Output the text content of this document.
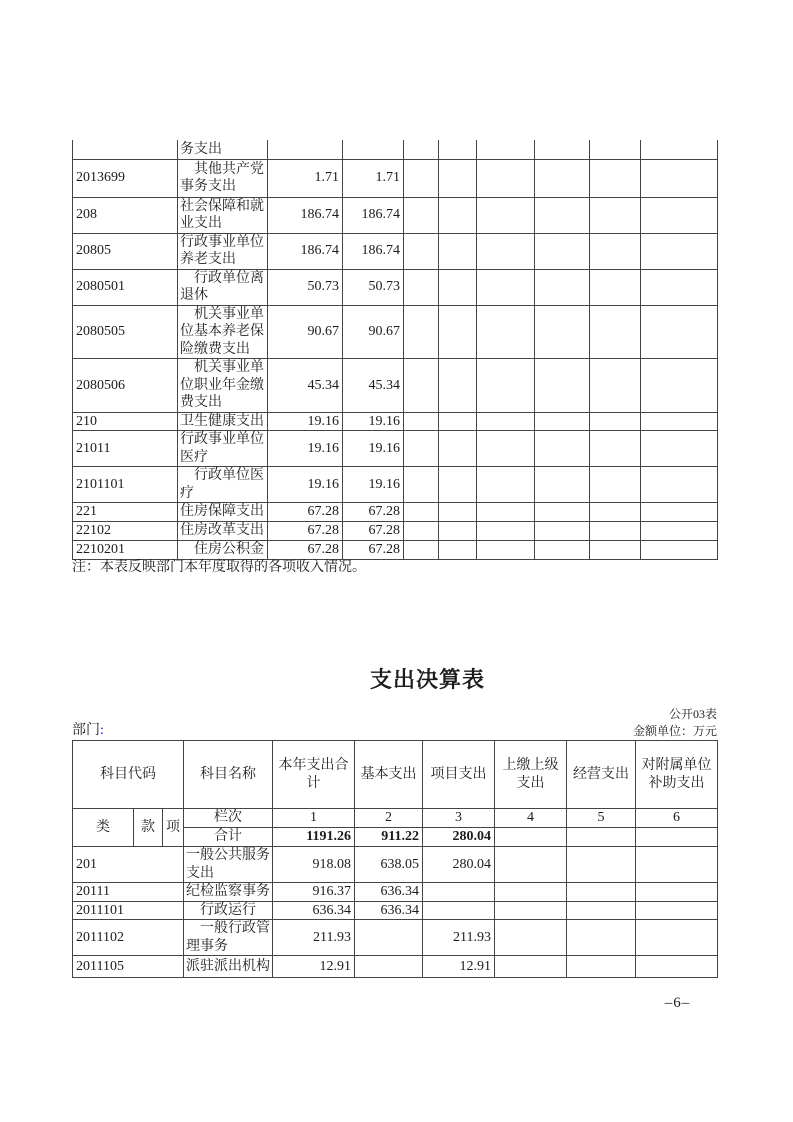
	务支出								
2013699	　其他共产党
事务支出	1.71	1.71						
208	社会保障和就
业支出	186.74	186.74						
20805	行政事业单位
养老支出	186.74	186.74						
2080501	　行政单位离
退休	50.73	50.73						
2080505	　机关事业单
位基本养老保
险缴费支出	90.67	90.67						
2080506	　机关事业单
位职业年金缴
费支出	45.34	45.34						
210	卫生健康支出	19.16	19.16						
21011	行政事业单位
医疗	19.16	19.16						
2101101	　行政单位医
疗	19.16	19.16						
221	住房保障支出	67.28	67.28						
22102	住房改革支出	67.28	67.28						
2210201	　住房公积金	67.28	67.28						
注：本表反映部门本年度取得的各项收入情况。
支出决算表
公开03表
金额单位：万元
部门:
科目代码			科目名称	本年支出合
计	基本支出	项目支出	上缴上级
支出	经营支出	对附属单位
补助支出
类	款	项	栏次	1	2	3	4	5	6
			合计	1191.26	911.22	280.04			
201			一般公共服务
支出	918.08	638.05	280.04			
20111			纪检监察事务	916.37	636.34				
2011101			　行政运行	636.34	636.34				
2011102			　一般行政管
理事务	211.93		211.93			
2011105			派驻派出机构	12.91		12.91			
–6–
